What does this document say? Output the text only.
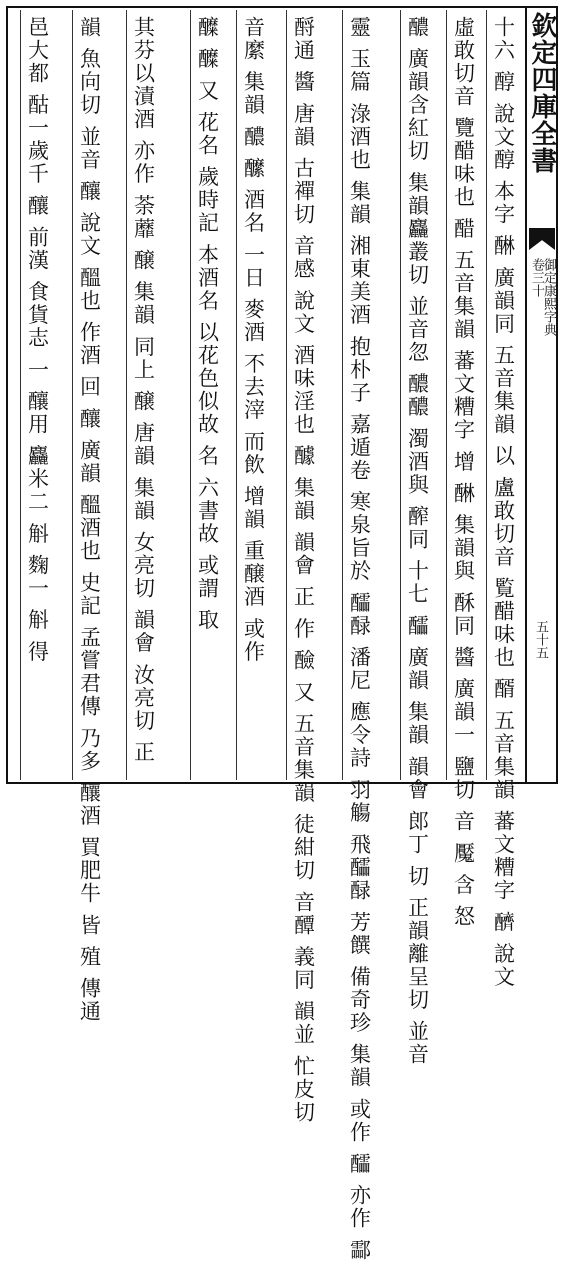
欽定四庫全書
御定康熙字典
卷三十
五十五
十六 醇 說文醇 本字 醂 廣韻同 五音集韻 以 盧敢切音 覧醋味也 醑 五音集韻 蕃文糟字 𨣧 說文
虛敢切音 覽醋味也 醋 五音集韻 蕃文糟字 增 醂 集韻與 酥同 醬 廣韻一 鹽切 音 魘 含 怒
醲 廣韻含紅切 集韻麤叢切 並音忽 醲醲 濁酒與 醡同 十七 醽 廣韻 集韻 韻會 郎丁 切 正韻離呈切 並音
靈 玉篇 淥酒也 集韻 湘東美酒 抱朴子 嘉遁卷 寒泉旨於 醽醁 潘尼 應令詩 羽觴 飛醽醁 芳饌 備奇珍 集韻 或作 醽 亦作 酃
酹通 醬 唐韻 古禪切 音感 說文 酒味淫也 醵 集韻 韻會 正 作 醶 又 五音集韻 徒紺切 音醰 義同 韻並 忙皮切
音縻 集韻 醲 醿 酒名 一日 麥酒 不去滓 而飲 增韻 重醸酒 或作
醾 醾 又 花名 歲時記 本酒名 以花色似故 名 六書故 或謂 取
其芬以漬酒 亦作 荼蘼 醸 集韻 同上 醸 唐韻 集韻 女亮切 韻會 汝亮切 正
韻 魚向切 並音 釀 說文 醞也 作酒 回 釀 廣韻 醞酒也 史記 孟嘗君傳 乃多 釀酒 買肥牛 皆 殖 傳通
邑大都 酤一歲千 釀 前漢 食貨志 一 釀用 麤米二 斛 麴一 斛 得
